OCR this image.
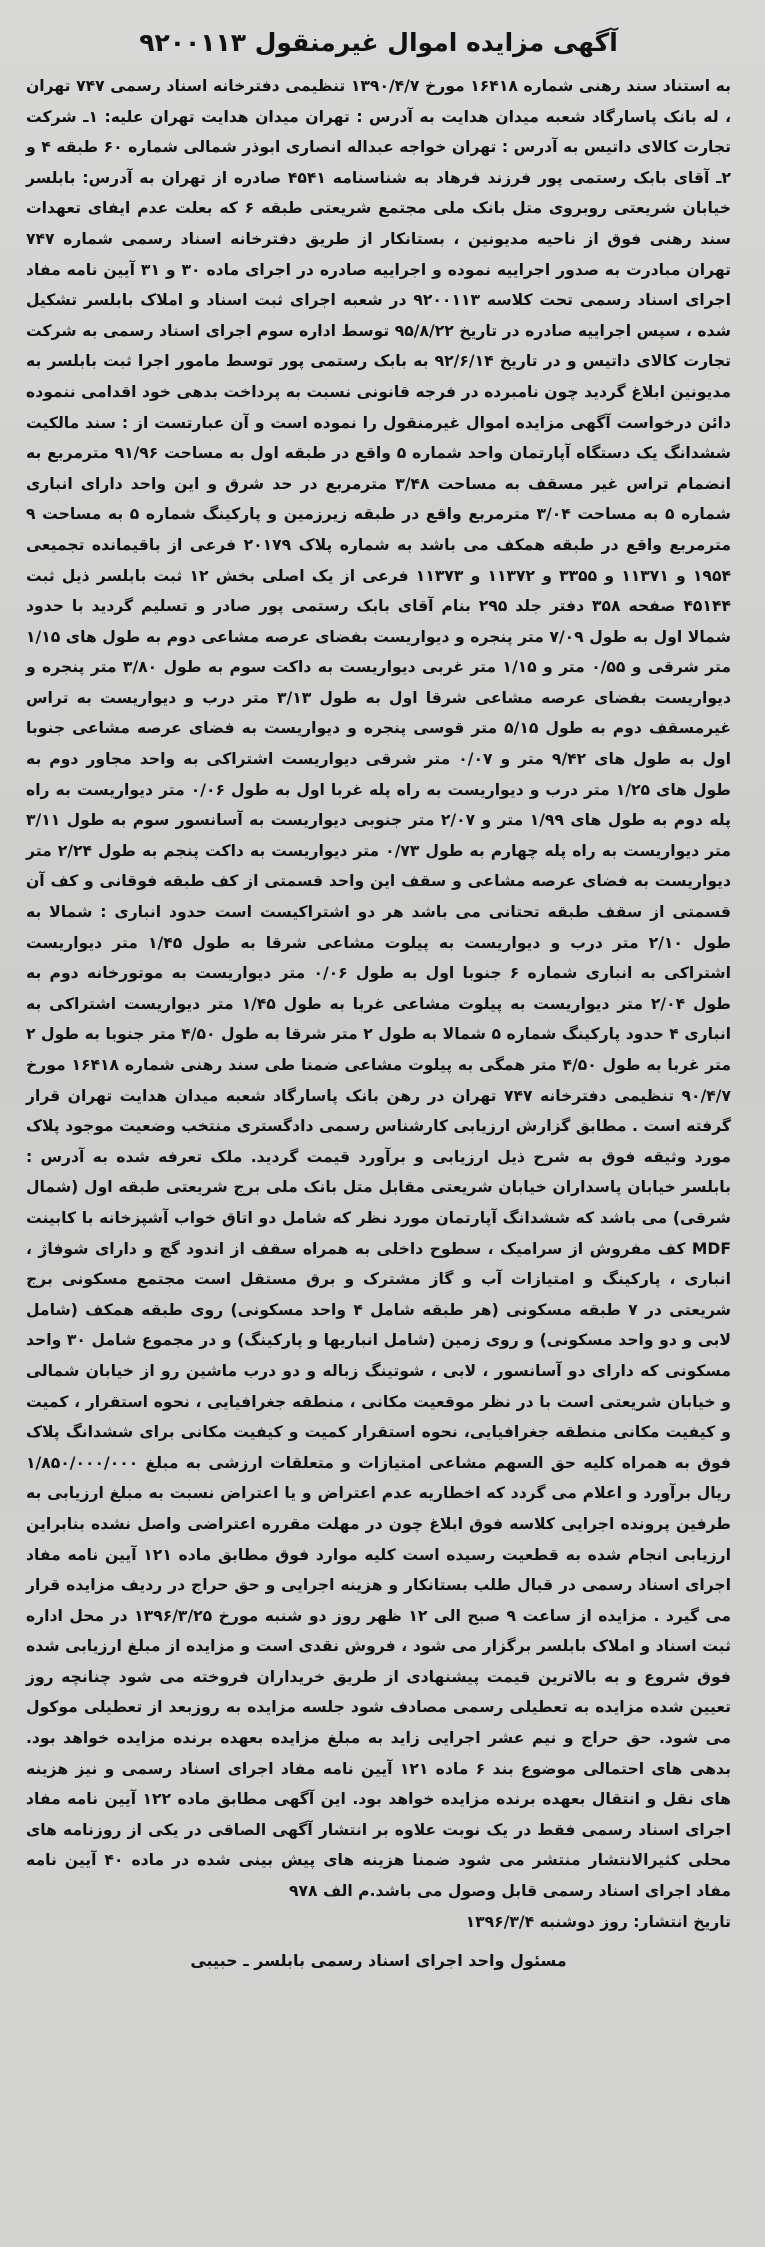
آگهی مزایده اموال غیرمنقول ۹۲۰۰۱۱۳

به استناد سند رهنی شماره ۱۶۴۱۸ مورخ ۱۳۹۰/۴/۷ تنظیمی دفترخانه اسناد رسمی ۷۴۷ تهران ، له بانک پاسارگاد شعبه میدان هدایت به آدرس : تهران میدان هدایت تهران علیه: ۱ـ شرکت تجارت کالای داتیس به آدرس : تهران خواجه عبداله انصاری ابوذر شمالی شماره ۶۰ طبقه ۴ و ۲ـ آقای بابک رستمی پور فرزند فرهاد به شناسنامه ۴۵۴۱ صادره از تهران به آدرس: بابلسر خیابان شریعتی روبروی متل بانک ملی مجتمع شریعتی طبقه ۶ که بعلت عدم ایفای تعهدات سند رهنی فوق از ناحیه مدیونین ، بستانکار از طریق دفترخانه اسناد رسمی شماره ۷۴۷ تهران مبادرت به صدور اجراییه نموده و اجراییه صادره در اجرای ماده ۳۰ و ۳۱ آیین نامه مفاد اجرای اسناد رسمی تحت کلاسه ۹۲۰۰۱۱۳ در شعبه اجرای ثبت اسناد و املاک بابلسر تشکیل شده ، سپس اجراییه صادره در تاریخ ۹۵/۸/۲۲ توسط اداره سوم اجرای اسناد رسمی به شرکت تجارت کالای داتیس و در تاریخ ۹۲/۶/۱۴ به بابک رستمی پور توسط مامور اجرا ثبت بابلسر به مدیونین ابلاغ گردید چون نامبرده در فرجه قانونی نسبت به پرداخت بدهی خود اقدامی ننموده دائن درخواست آگهی مزایده اموال غیرمنقول را نموده است و آن عبارتست از : سند مالکیت ششدانگ یک دستگاه آپارتمان واحد شماره ۵ واقع در طبقه اول به مساحت ۹۱/۹۶ مترمربع به انضمام تراس غیر مسقف به مساحت ۳/۴۸ مترمربع در حد شرق و این واحد دارای انباری شماره ۵ به مساحت ۳/۰۴ مترمربع واقع در طبقه زیرزمین و پارکینگ شماره ۵ به مساحت ۹ مترمربع واقع در طبقه همکف می باشد به شماره پلاک ۲۰۱۷۹ فرعی از باقیمانده تجمیعی ۱۹۵۴ و ۱۱۳۷۱ و ۳۳۵۵ و ۱۱۳۷۲ و ۱۱۳۷۳ فرعی از یک اصلی بخش ۱۲ ثبت بابلسر ذیل ثبت ۴۵۱۴۴ صفحه ۳۵۸ دفتر جلد ۲۹۵ بنام آقای بابک رستمی پور صادر و تسلیم گردید با حدود شمالا اول به طول ۷/۰۹ متر پنجره و دیواریست بفضای عرصه مشاعی دوم به طول های ۱/۱۵ متر شرقی و ۰/۵۵ متر و ۱/۱۵ متر غربی دیواریست به داکت سوم به طول ۳/۸۰ متر پنجره و دیواریست بفضای عرصه مشاعی شرقا اول به طول ۳/۱۳ متر درب و دیواریست به تراس غیرمسقف دوم به طول ۵/۱۵ متر قوسی پنجره و دیواریست به فضای عرصه مشاعی جنوبا اول به طول های ۹/۴۲ متر و ۰/۰۷ متر شرقی دیواریست اشتراکی به واحد مجاور دوم به طول های ۱/۲۵ متر درب و دیواریست به راه پله غربا اول به طول ۰/۰۶ متر دیواریست به راه پله دوم به طول های ۱/۹۹ متر و ۲/۰۷ متر جنوبی دیواریست به آسانسور سوم به طول ۳/۱۱ متر دیواریست به راه پله چهارم به طول ۰/۷۳ متر دیواریست به داکت پنجم به طول ۲/۲۴ متر دیواریست به فضای عرصه مشاعی و سقف این واحد قسمتی از کف طبقه فوقانی و کف آن قسمتی از سقف طبقه تحتانی می باشد هر دو اشتراکیست است حدود انباری : شمالا به طول ۲/۱۰ متر درب و دیواریست به پیلوت مشاعی شرقا به طول ۱/۴۵ متر دیواریست اشتراکی به انباری شماره ۶ جنوبا اول به طول ۰/۰۶ متر دیواریست به موتورخانه دوم به طول ۲/۰۴ متر دیواریست به پیلوت مشاعی غربا به طول ۱/۴۵ متر دیواریست اشتراکی به انباری ۴ حدود پارکینگ شماره ۵ شمالا به طول ۲ متر شرقا به طول ۴/۵۰ متر جنوبا به طول ۲ متر غربا به طول ۴/۵۰ متر همگی به پیلوت مشاعی ضمنا طی سند رهنی شماره ۱۶۴۱۸ مورخ ۹۰/۴/۷ تنظیمی دفترخانه ۷۴۷ تهران در رهن بانک پاسارگاد شعبه میدان هدایت تهران قرار گرفته است . مطابق گزارش ارزیابی کارشناس رسمی دادگستری منتخب وضعیت موجود پلاک مورد وثیقه فوق به شرح ذیل ارزیابی و برآورد قیمت گردید. ملک تعرفه شده به آدرس : بابلسر خیابان پاسداران خیابان شریعتی مقابل متل بانک ملی برج شریعتی طبقه اول (شمال شرقی) می باشد که ششدانگ آپارتمان مورد نظر که شامل دو اتاق خواب آشپزخانه با کابینت MDF کف مفروش از سرامیک ، سطوح داخلی به همراه سقف از اندود گچ و دارای شوفاژ ، انباری ، پارکینگ و امتیازات آب و گاز مشترک و برق مستقل است مجتمع مسکونی برج شریعتی در ۷ طبقه مسکونی (هر طبقه شامل ۴ واحد مسکونی) روی طبقه همکف (شامل لابی و دو واحد مسکونی) و روی زمین (شامل انباریها و پارکینگ) و در مجموع شامل ۳۰ واحد مسکونی که دارای دو آسانسور ، لابی ، شوتینگ زباله و دو درب ماشین رو از خیابان شمالی و خیابان شریعتی است با در نظر موقعیت مکانی ، منطقه جغرافیایی ، نحوه استقرار ، کمیت و کیفیت مکانی منطقه جغرافیایی، نحوه استقرار کمیت و کیفیت مکانی برای ششدانگ پلاک فوق به همراه کلیه حق السهم مشاعی امتیازات و متعلقات ارزشی به مبلغ ۱/۸۵۰/۰۰۰/۰۰۰ ریال برآورد و اعلام می گردد که اخطاریه عدم اعتراض و یا اعتراض نسبت به مبلغ ارزیابی به طرفین پرونده اجرایی کلاسه فوق ابلاغ چون در مهلت مقرره اعتراضی واصل نشده بنابراین ارزیابی انجام شده به قطعیت رسیده است کلیه موارد فوق مطابق ماده ۱۲۱ آیین نامه مفاد اجرای اسناد رسمی در قبال طلب بستانکار و هزینه اجرایی و حق حراج در ردیف مزایده قرار می گیرد . مزایده از ساعت ۹ صبح الی ۱۲ ظهر روز دو شنبه مورخ ۱۳۹۶/۳/۲۵ در محل اداره ثبت اسناد و املاک بابلسر برگزار می شود ، فروش نقدی است و مزایده از مبلغ ارزیابی شده فوق شروع و به بالاترین قیمت پیشنهادی از طریق خریداران فروخته می شود چنانچه روز تعیین شده مزایده به تعطیلی رسمی مصادف شود جلسه مزایده به روزبعد از تعطیلی موکول می شود. حق حراج و نیم عشر اجرایی زاید به مبلغ مزایده بعهده برنده مزایده خواهد بود. بدهی های احتمالی موضوع بند ۶ ماده ۱۲۱ آیین نامه مفاد اجرای اسناد رسمی و نیز هزینه های نقل و انتقال بعهده برنده مزایده خواهد بود. این آگهی مطابق ماده ۱۲۲ آیین نامه مفاد اجرای اسناد رسمی فقط در یک نوبت علاوه بر انتشار آگهی الصاقی در یکی از روزنامه های محلی کثیرالانتشار منتشر می شود ضمنا هزینه های پیش بینی شده در ماده ۴۰ آیین نامه مفاد اجرای اسناد رسمی قابل وصول می باشد.م الف ۹۷۸

تاریخ انتشار: روز دوشنبه ۱۳۹۶/۳/۴
مسئول واحد اجرای اسناد رسمی بابلسر ـ حبیبی
